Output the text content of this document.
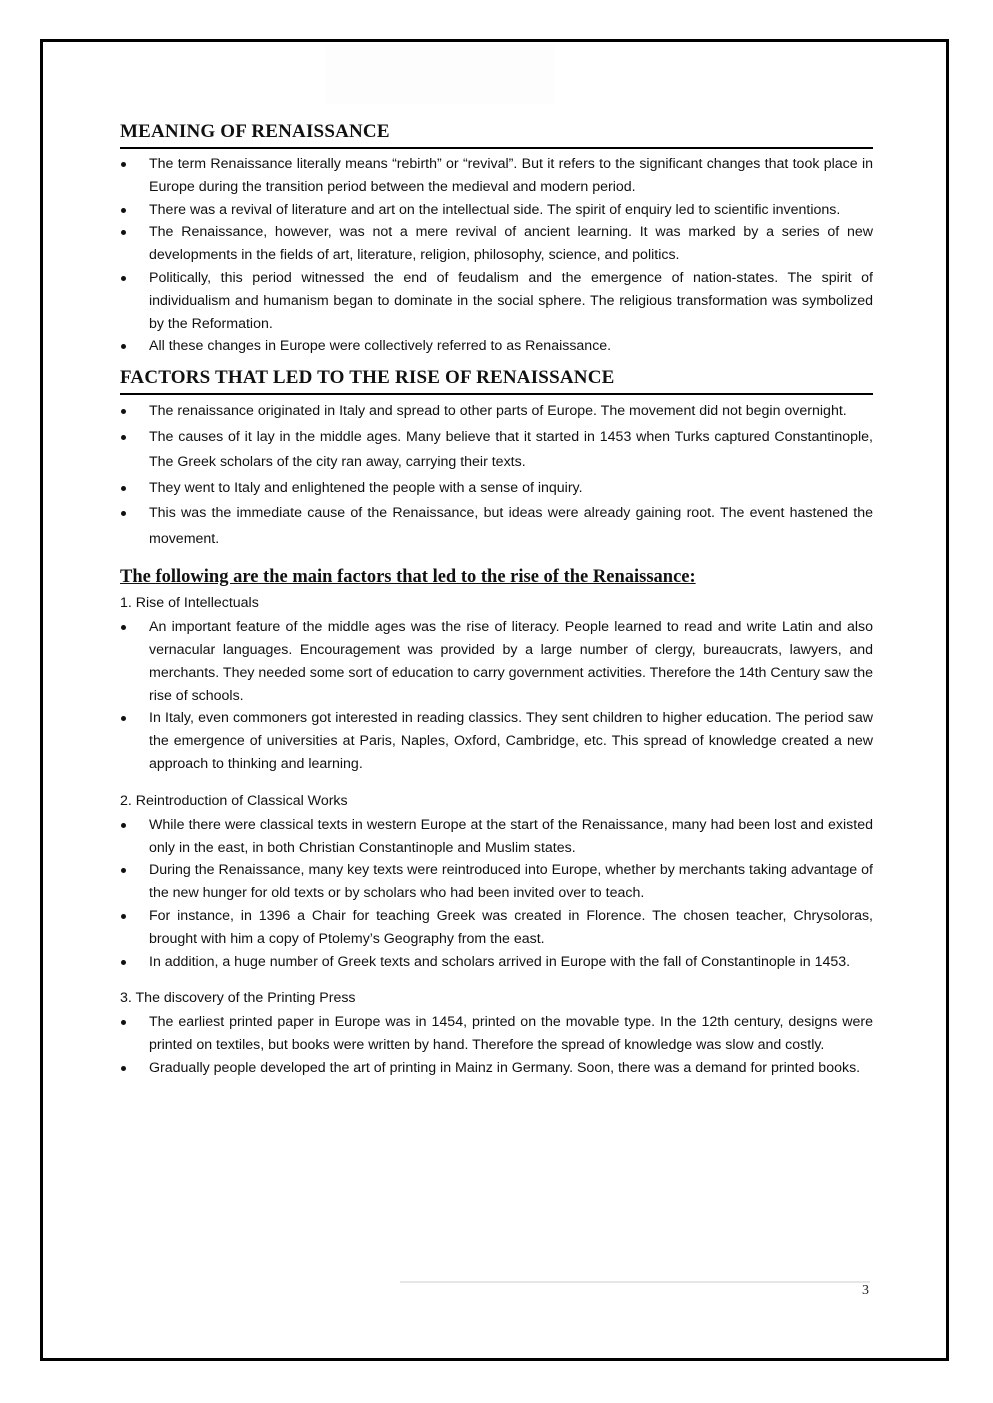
MEANING OF RENAISSANCE
The term Renaissance literally means “rebirth” or “revival”. But it refers to the significant changes that took place in Europe during the transition period between the medieval and modern period.
There was a revival of literature and art on the intellectual side. The spirit of enquiry led to scientific inventions.
The Renaissance, however, was not a mere revival of ancient learning. It was marked by a series of new developments in the fields of art, literature, religion, philosophy, science, and politics.
Politically, this period witnessed the end of feudalism and the emergence of nation-states. The spirit of individualism and humanism began to dominate in the social sphere. The religious transformation was symbolized by the Reformation.
All these changes in Europe were collectively referred to as Renaissance.
FACTORS THAT LED TO THE RISE OF RENAISSANCE
The renaissance originated in Italy and spread to other parts of Europe. The movement did not begin overnight.
The causes of it lay in the middle ages. Many believe that it started in 1453 when Turks captured Constantinople, The Greek scholars of the city ran away, carrying their texts.
They went to Italy and enlightened the people with a sense of inquiry.
This was the immediate cause of the Renaissance, but ideas were already gaining root. The event hastened the movement.
The following are the main factors that led to the rise of the Renaissance:
1. Rise of Intellectuals
An important feature of the middle ages was the rise of literacy. People learned to read and write Latin and also vernacular languages. Encouragement was provided by a large number of clergy, bureaucrats, lawyers, and merchants. They needed some sort of education to carry government activities. Therefore the 14th Century saw the rise of schools.
In Italy, even commoners got interested in reading classics. They sent children to higher education. The period saw the emergence of universities at Paris, Naples, Oxford, Cambridge, etc. This spread of knowledge created a new approach to thinking and learning.
2. Reintroduction of Classical Works
While there were classical texts in western Europe at the start of the Renaissance, many had been lost and existed only in the east, in both Christian Constantinople and Muslim states.
During the Renaissance, many key texts were reintroduced into Europe, whether by merchants taking advantage of the new hunger for old texts or by scholars who had been invited over to teach.
For instance, in 1396 a Chair for teaching Greek was created in Florence. The chosen teacher, Chrysoloras, brought with him a copy of Ptolemy’s Geography from the east.
In addition, a huge number of Greek texts and scholars arrived in Europe with the fall of Constantinople in 1453.
3. The discovery of the Printing Press
The earliest printed paper in Europe was in 1454, printed on the movable type. In the 12th century, designs were printed on textiles, but books were written by hand. Therefore the spread of knowledge was slow and costly.
Gradually people developed the art of printing in Mainz in Germany. Soon, there was a demand for printed books.
3
